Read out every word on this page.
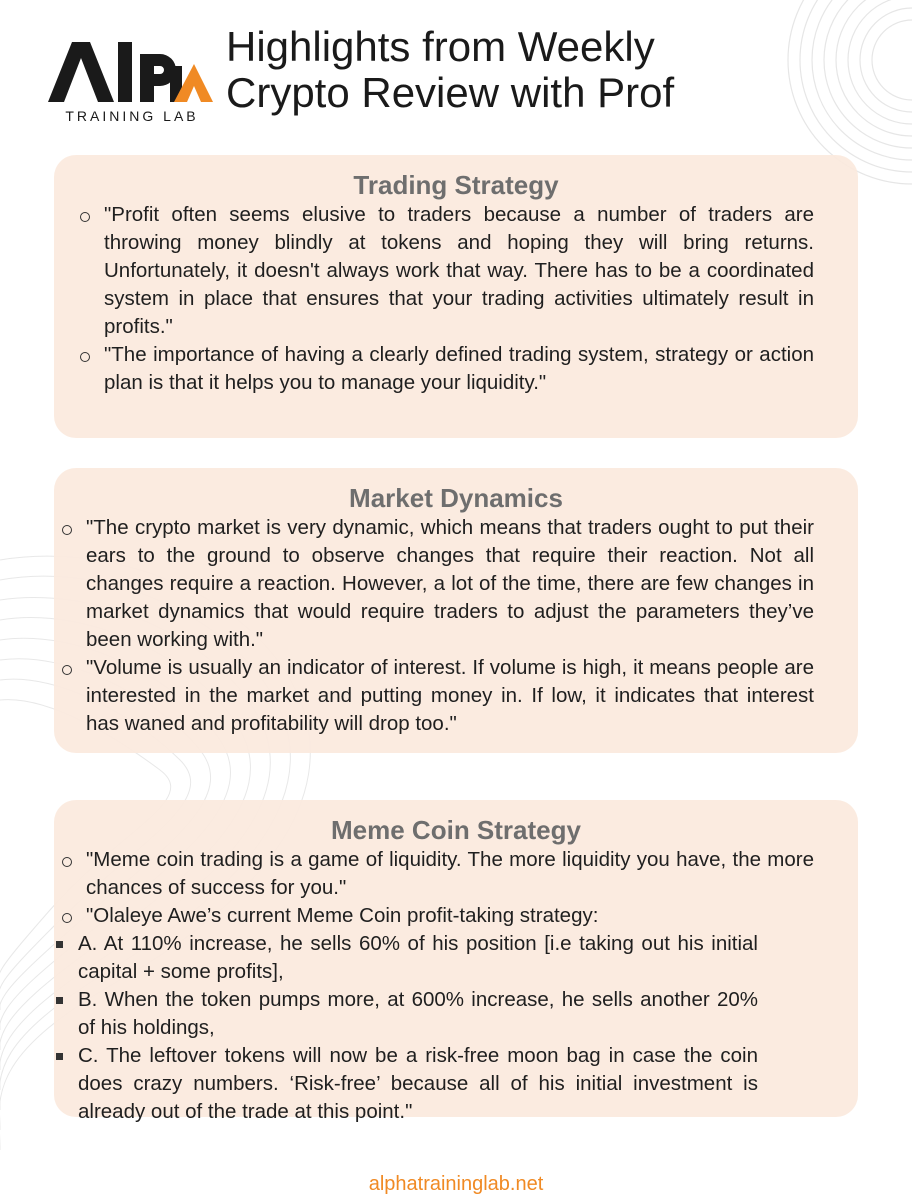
TRAINING LAB
Highlights from Weekly
Crypto Review with Prof
Trading Strategy
"Profit often seems elusive to traders because a number of traders are throwing money blindly at tokens and hoping they will bring returns. Unfortunately, it doesn't always work that way. There has to be a coordinated system in place that ensures that your trading activities ultimately result in profits."
"The importance of having a clearly defined trading system, strategy or action plan is that it helps you to manage your liquidity."
Market Dynamics
"The crypto market is very dynamic, which means that traders ought to put their ears to the ground to observe changes that require their reaction. Not all changes require a reaction. However, a lot of the time, there are few changes in market dynamics that would require traders to adjust the parameters they’ve been working with."
"Volume is usually an indicator of interest. If volume is high, it means people are interested in the market and putting money in. If low, it indicates that interest has waned and profitability will drop too."
Meme Coin Strategy
"Meme coin trading is a game of liquidity. The more liquidity you have, the more chances of success for you."
"Olaleye Awe’s current Meme Coin profit-taking strategy:
A. At 110% increase, he sells 60% of his position [i.e taking out his initial capital + some profits],
B. When the token pumps more, at 600% increase, he sells another 20% of his holdings,
C. The leftover tokens will now be a risk-free moon bag in case the coin does crazy numbers. ‘Risk-free’ because all of his initial investment is already out of the trade at this point."
alphatraininglab.net
